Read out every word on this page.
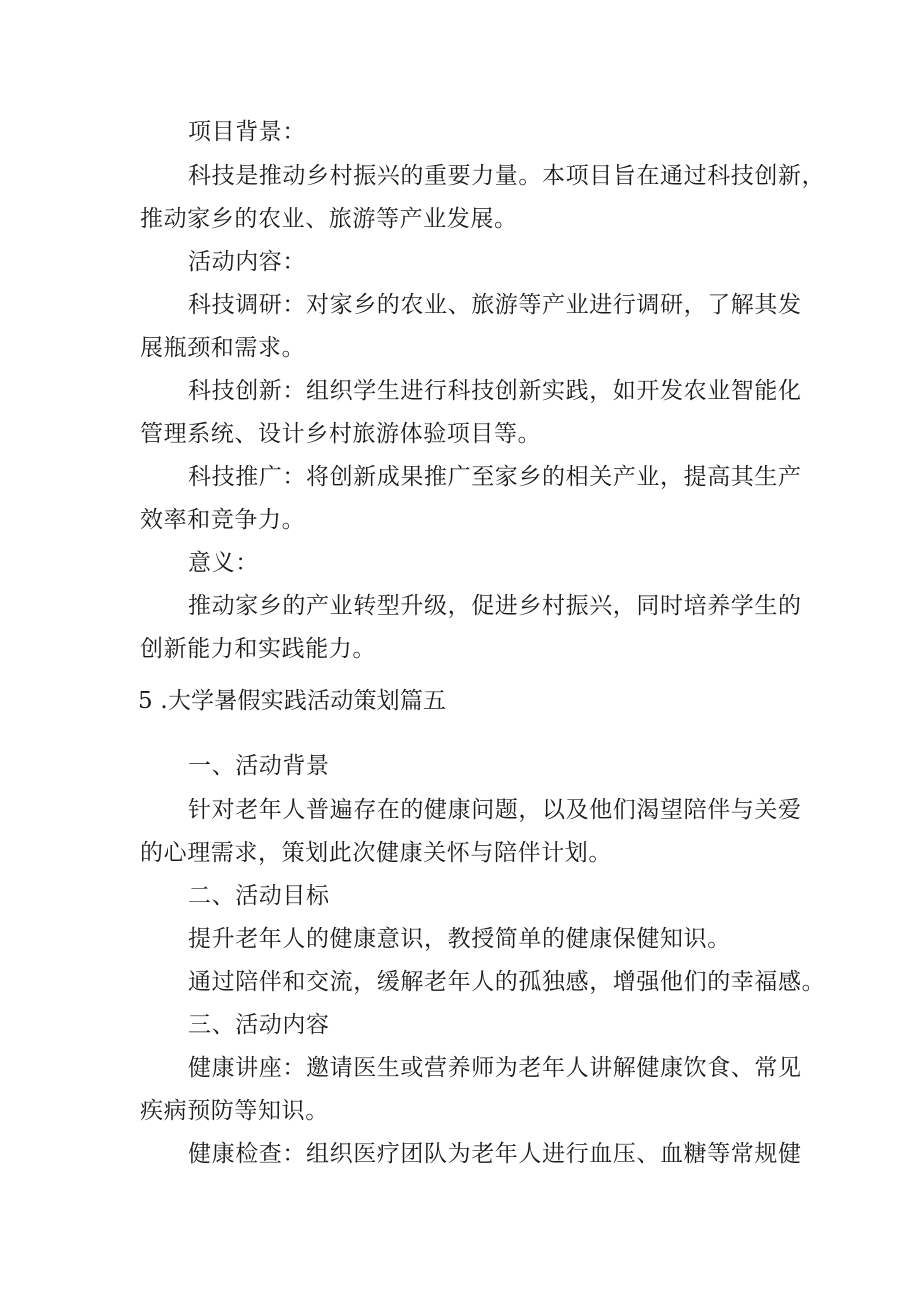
项目背景：
科技是推动乡村振兴的重要力量。本项目旨在通过科技创新，
推动家乡的农业、旅游等产业发展。
活动内容：
科技调研：对家乡的农业、旅游等产业进行调研，了解其发
展瓶颈和需求。
科技创新：组织学生进行科技创新实践，如开发农业智能化
管理系统、设计乡村旅游体验项目等。
科技推广：将创新成果推广至家乡的相关产业，提高其生产
效率和竞争力。
意义：
推动家乡的产业转型升级，促进乡村振兴，同时培养学生的
创新能力和实践能力。
5 .大学暑假实践活动策划篇五
一、活动背景
针对老年人普遍存在的健康问题，以及他们渴望陪伴与关爱
的心理需求，策划此次健康关怀与陪伴计划。
二、活动目标
提升老年人的健康意识，教授简单的健康保健知识。
通过陪伴和交流，缓解老年人的孤独感，增强他们的幸福感。
三、活动内容
健康讲座：邀请医生或营养师为老年人讲解健康饮食、常见
疾病预防等知识。
健康检查：组织医疗团队为老年人进行血压、血糖等常规健
